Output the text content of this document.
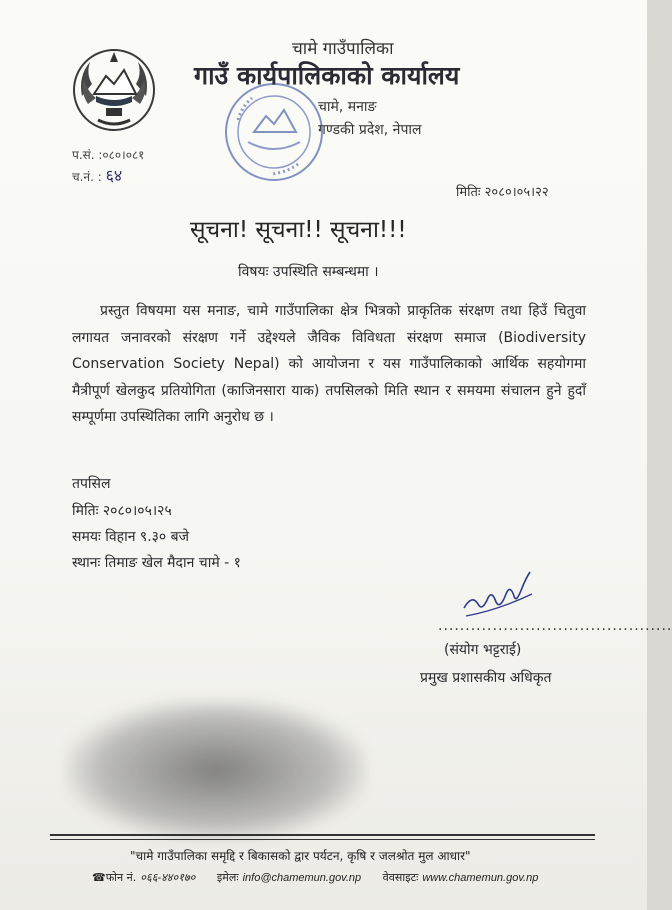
चामे गाउँपालिका
गाउँ कार्यपालिकाको कार्यालय
चामे, मनाङ
गण्डकी प्रदेश, नेपाल
प.सं. :०८०।०८१
च.नं. : ६४
मितिः २०८०।०५।२२
सूचना! सूचना!! सूचना!!!
विषयः उपस्थिति सम्बन्धमा ।
प्रस्तुत विषयमा यस मनाङ, चामे गाउँपालिका क्षेत्र भित्रको प्राकृतिक संरक्षण तथा हिउँ चितुवा लगायत जनावरको संरक्षण गर्ने उद्देश्यले जैविक विविधता संरक्षण समाज (Biodiversity Conservation Society Nepal) को आयोजना र यस गाउँपालिकाको आर्थिक सहयोगमा मैत्रीपूर्ण खेलकुद प्रतियोगिता (काजिनसारा याक) तपसिलको मिति स्थान र समयमा संचालन हुने हुदाँ सम्पूर्णमा उपस्थितिका लागि अनुरोध छ ।
तपसिल
मितिः २०८०।०५।२५
समयः विहान ९.३० बजे
स्थानः तिमाङ खेल मैदान चामे - १
...........................................
(संयोग भट्टराई)
प्रमुख प्रशासकीय अधिकृत
"चामे गाउँपालिका समृद्दि र बिकासको द्वार पर्यटन, कृषि र जलश्रोत मुल आधार"
☎फोन नं. ०६६-४४०१७० इमेलः info@chamemun.gov.np वेवसाइटः www.chamemun.gov.np
